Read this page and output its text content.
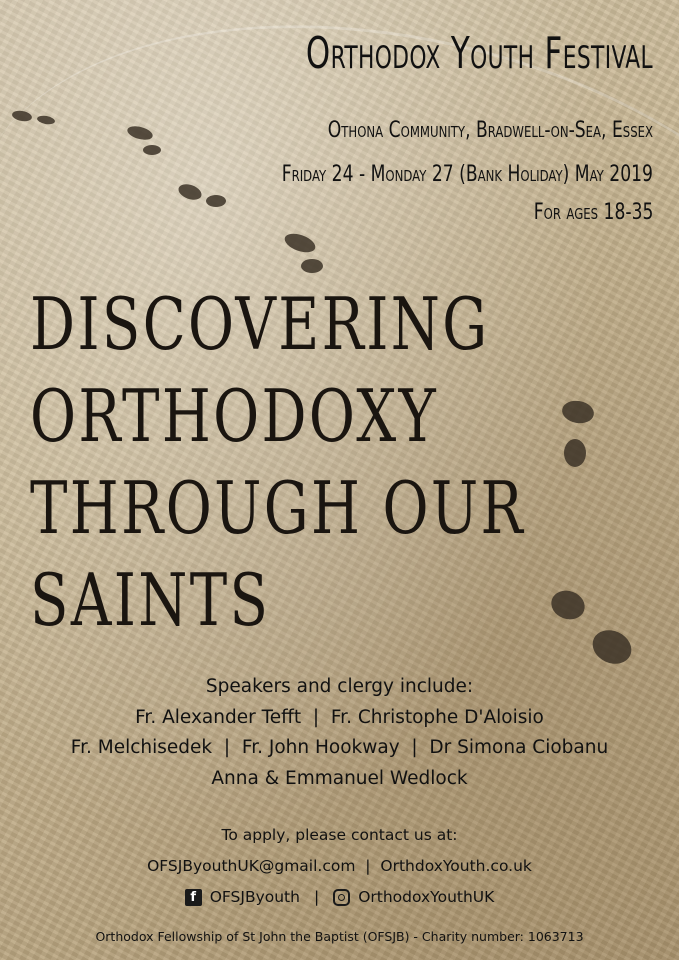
Orthodox Youth Festival
Othona Community, Bradwell-on-Sea, Essex
Friday 24 - Monday 27 (Bank Holiday) May 2019
For ages 18-35
DISCOVERING
ORTHODOXY
THROUGH OUR
SAINTS
Speakers and clergy include:
Fr. Alexander Tefft  |  Fr. Christophe D'Aloisio
Fr. Melchisedek  |  Fr. John Hookway  |  Dr Simona Ciobanu
Anna & Emmanuel Wedlock
To apply, please contact us at:
OFSJByouthUK@gmail.com  |  OrthdoxYouth.co.uk
f OFSJByouth |	OrthodoxYouthUK
Orthodox Fellowship of St John the Baptist (OFSJB) - Charity number: 1063713
